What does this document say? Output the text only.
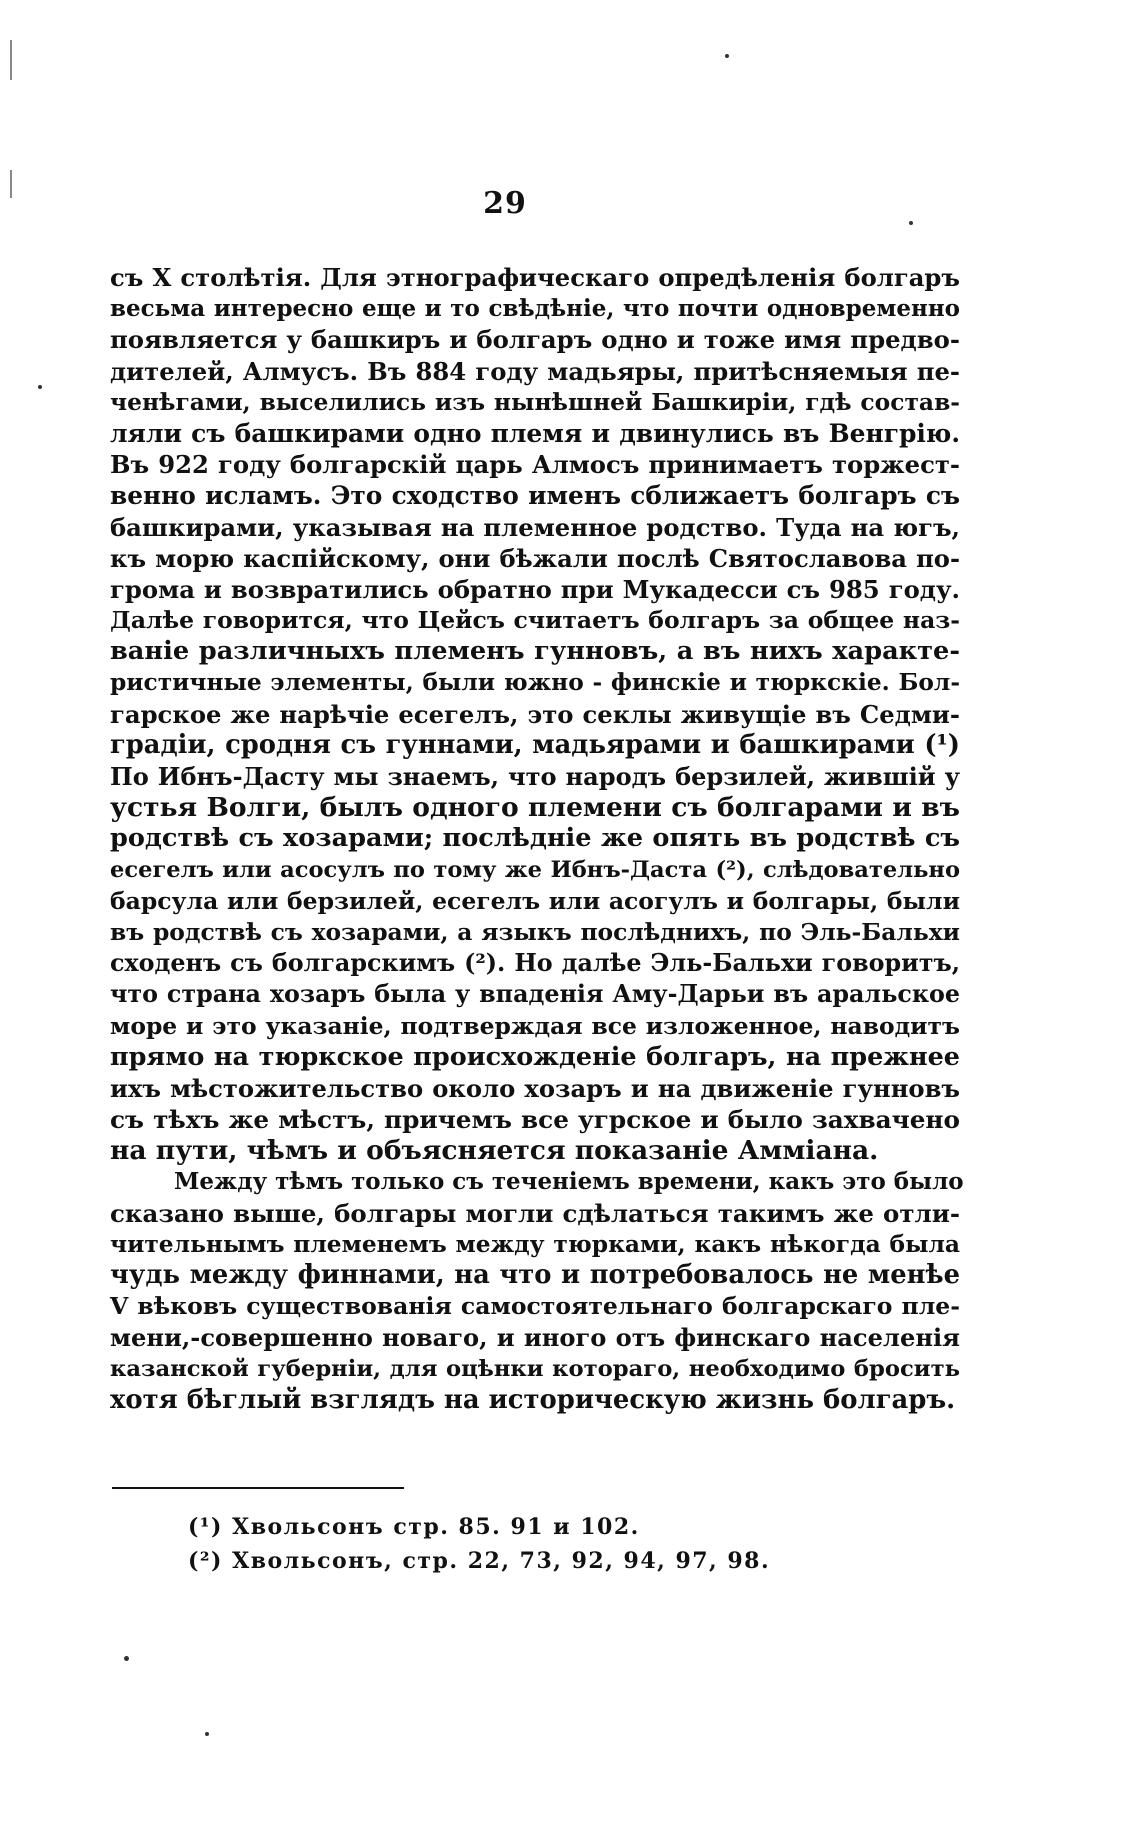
29
съ X столѣтія. Для этнографическаго опредѣленія болгаръ
весьма интересно еще и то свѣдѣніе, что почти одновременно
появляется у башкиръ и болгаръ одно и тоже имя предво-
дителей, Алмусъ. Въ 884 году мадьяры, притѣсняемыя пе-
ченѣгами, выселились изъ нынѣшней Башкиріи, гдѣ состав-
ляли съ башкирами одно племя и двинулись въ Венгрію.
Въ 922 году болгарскій царь Алмосъ принимаетъ торжест-
венно исламъ. Это сходство именъ сближаетъ болгаръ съ
башкирами, указывая на племенное родство. Туда на югъ,
къ морю каспійскому, они бѣжали послѣ Святославова по-
грома и возвратились обратно при Мукадесси съ 985 году.
Далѣе говорится, что Цейсъ считаетъ болгаръ за общее наз-
ваніе различныхъ племенъ гунновъ, а въ нихъ характе-
ристичные элементы, были южно - финскіе и тюркскіе. Бол-
гарское же нарѣчіе есегелъ, это секлы живущіе въ Седми-
градіи, сродня съ гуннами, мадьярами и башкирами (¹)
По Ибнъ-Дасту мы знаемъ, что народъ берзилей, жившій у
устья Волги, былъ одного племени съ болгарами и въ
родствѣ съ хозарами; послѣдніе же опять въ родствѣ съ
есегелъ или асосулъ по тому же Ибнъ-Даста (²), слѣдовательно
барсула или берзилей, есегелъ или асогулъ и болгары, были
въ родствѣ съ хозарами, а языкъ послѣднихъ, по Эль-Бальхи
сходенъ съ болгарскимъ (²). Но далѣе Эль-Бальхи говоритъ,
что страна хозаръ была у впаденія Аму-Дарьи въ аральское
море и это указаніе, подтверждая все изложенное, наводитъ
прямо на тюркское происхожденіе болгаръ, на прежнее
ихъ мѣстожительство около хозаръ и на движеніе гунновъ
съ тѣхъ же мѣстъ, причемъ все угрское и было захвачено
на пути, чѣмъ и объясняется показаніе Аммiана.
Между тѣмъ только съ теченіемъ времени, какъ это было
сказано выше, болгары могли сдѣлаться такимъ же отли-
чительнымъ племенемъ между тюрками, какъ нѣкогда была
чудь между финнами, на что и потребовалось не менѣе
V вѣковъ существованія самостоятельнаго болгарскаго пле-
мени,-совершенно новаго, и иного отъ финскаго населенія
казанской губерніи, для оцѣнки котораго, необходимо бросить
хотя бѣглый взглядъ на историческую жизнь болгаръ.
(¹) Хвольсонъ стр. 85. 91 и 102.
(²) Хвольсонъ, стр. 22, 73, 92, 94, 97, 98.
